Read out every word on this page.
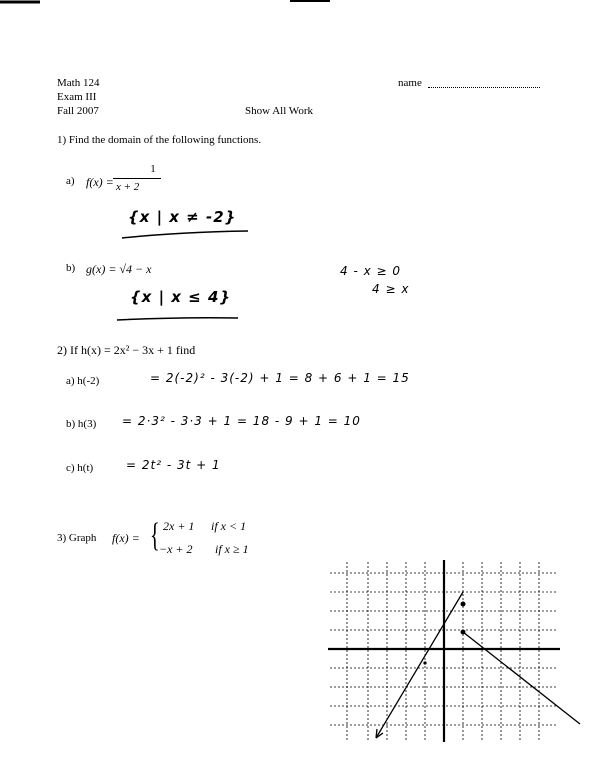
Math 124
Exam III
Fall 2007	Show All Work
name
1) Find the domain of the following functions.
a) f(x) =
1
x + 2
{x | x ≠ -2}
b) g(x) = √4 − x
{x | x ≤ 4}
4 - x ≥ 0
4 ≥ x
2) If h(x) = 2x² − 3x + 1 find
a) h(-2)	= 2(-2)² - 3(-2) + 1 = 8 + 6 + 1 = 15
b) h(3) = 2·3² - 3·3 + 1 = 18 - 9 + 1 = 10
c) h(t)	= 2t² - 3t + 1
3) Graph f(x) = { 2x + 1 if x < 1
−x + 2 if x ≥ 1
